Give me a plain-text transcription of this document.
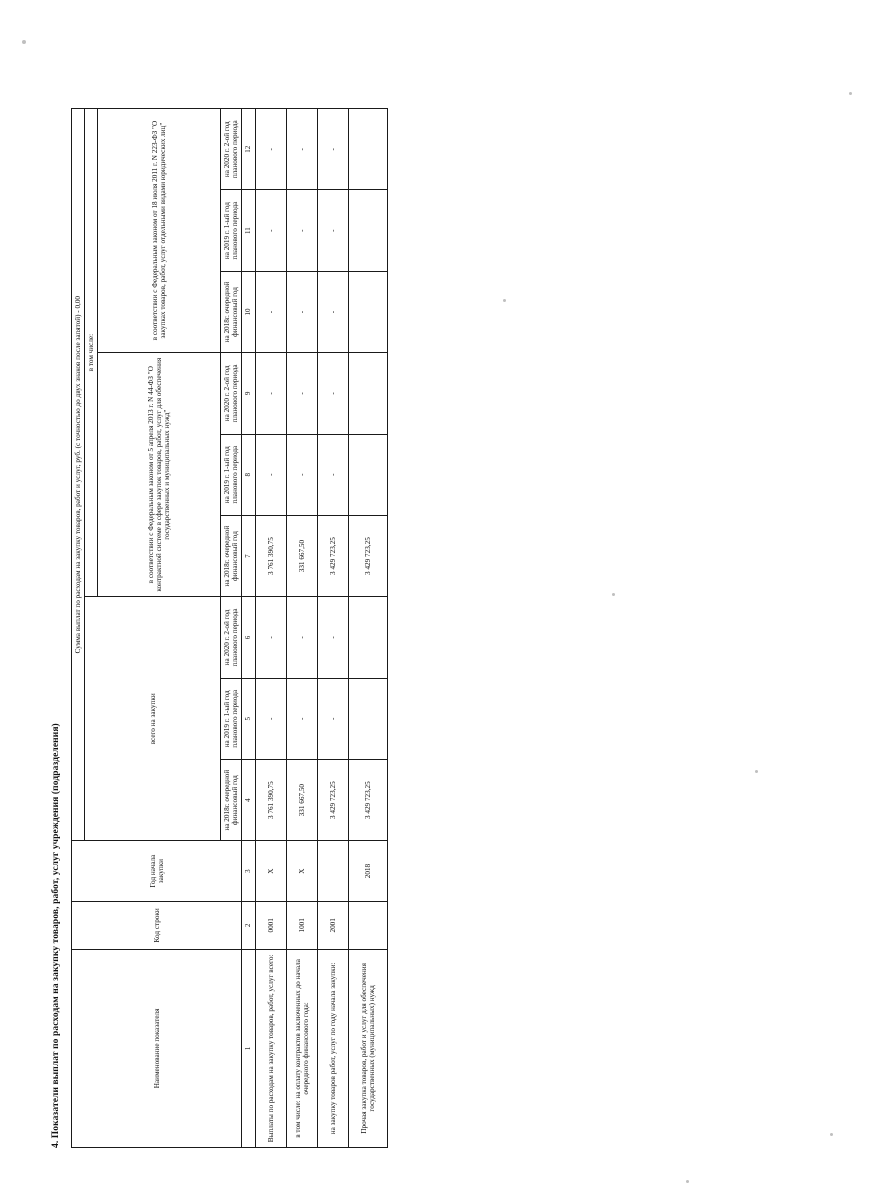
4. Показатели выплат по расходам на закупку товаров, работ, услуг учреждения (подразделения)	Наименование показателя	Код строки	Год начала закупки	Сумма выплат по расходам на закупку товаров, работ и услуг, руб. (с точностью до двух знаков после запятой) - 0,00								
			всего на закупки			в том числе:					
						в соответствии с Федеральным законом от 5 апреля 2013 г. N 44-ФЗ "О контрактной системе в сфере закупок товаров, работ, услуг для обеспечения государственных и муниципальных нужд"			в соответствии с Федеральным законом от 18 июля 2011 г. N 223-ФЗ "О закупках товаров, работ, услуг отдельными видами юридических лиц"		
			на 2018г. очередной финансовый год	на 2019 г. 1-ый год планового периода	на 2020 г. 2-ой год планового периода	на 2018г. очередной финансовый год	на 2019 г. 1-ый год планового периода	на 2020 г. 2-ой год планового периода	на 2018г. очередной финансовый год	на 2019 г. 1-ый год планового периода	на 2020 г. 2-ой год планового периода
1	2	3	4	5	6	7	8	9	10	11	12
Выплаты по расходам на закупку товаров, работ, услуг всего:	0001	X	3 761 390,75	-	-	3 761 390,75	-	-	-	-	-
в том числе: на оплату контрактов заключенных до начала очередного финансового года:	1001	X	331 667,50	-	-	331 667,50	-	-	-	-	-
на закупку товаров работ, услуг по году начала закупки:	2001		3 429 723,25	-	-	3 429 723,25	-	-	-	-	-
Прочая закупка товаров, работ и услуг для обеспечения государственных (муниципальных) нужд		2018	3 429 723,25			3 429 723,25					
